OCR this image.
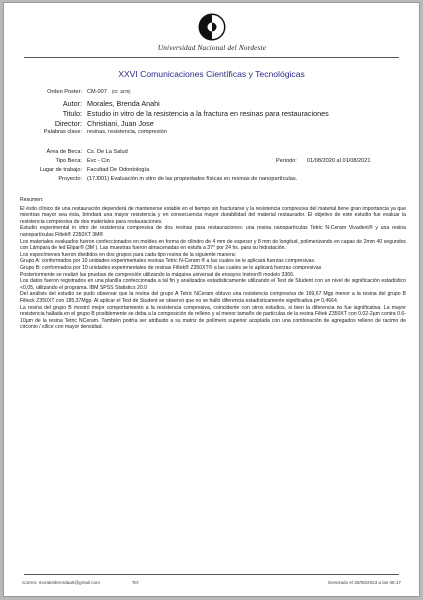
Universidad Nacional del Nordeste
XXVI Comunicaciones Científicas y Tecnológicas
Orden Poster: CM-007 (ID: 1876)
Autor: Morales, Brenda Anahi
Titulo: Estudio in vitro de la resistencia a la fractura en resinas para restauraciones
Director: Christiani, Juan Jose
Palabras clave: resinas, resistencia, compresión
Área de Beca: Cs. De La Salud
Tipo Beca: Evc - Cin	Periodo: 01/08/2020 al 01/08/2021
Lugar de trabajo: Facultad De Odontología
Proyecto: (17J001) Evaluación in vitro de las propiedades físicas en resinas de nanopartículas.

Resumen:

El éxito clínico de una restauración dependerá de mantenerse estable en el tiempo sin fracturarse y la resistencia compresiva del material tiene gran importancia ya que mientras mayor sea ésta, brindará una mayor resistencia y en consecuencia mayor durabilidad del material restaurador. El objetivo de este estudio fue evaluar la resistencia compresiva de dos materiales para restauraciones.

Estudio experimental in vitro de resistencia compresiva de dos resinas para restauraciones: una resina nanopartículas Tetric N-Ceram Vivadent® y una resina nanopartículas Filtek® Z350XT 3M®

Los materiales evaluados fueron confeccionados en moldes en forma de cilindro de 4 mm de espesor y 8 mm de longitud, polimerizando en capas de 2mm 40 segundos con Lámpara de led Elipar® (3M ). Las muestras fueron almacenadas en estufa a 37° por 24 hs. para su hidratación.

Los especímenes fueron divididos en dos grupos para cada tipo resina de la siguiente manera:

Grupo A: conformados por 10 unidades experimentales resinas Tetric N-Ceram ® a las cuales se le aplicará fuerzas compresivas.

Grupo B: conformados por 10 unidades experimentales de resinas Filtek® Z350XT® a las cuales se le aplicará fuerzas compresivas

Posteriormente se realizó las pruebas de compresión utilizando la máquina universal de ensayos Instron® modelo 3366.

Los datos fueron registrados en una planilla confeccionada a tal fin y analizados estadísticamente utilizando el Test de Student con un nivel de significación estadístico <0,05, utilizando el programa. IBM SPSS Statistics 20.0

Del análisis del estudio se pudo observar que la resina del grupo A Tetric NCeram obtuvo una resistencia compresiva de 169,67 Mgp menor a la resina del grupo B Filteck Z350XT con 185,37Mgp. Al aplicar el Test de Student se observó que no se halló diferencia estadísticamente significativa p= 0,4664.

La resina del grupo B mostró mejor comportamiento a la resistencia compresiva, coincidente con otros estudios, si bien la diferencia no fue significativa. La mayor resistencia hallada en el grupo B posiblemente se deba a la composición de relleno y al menor tamaño de partículas de la resina Filtek Z350XT con 0.02-2µm contra 0.6-10µm de la resina Tetric NCeram. También podría ser atribuido a su matriz de polímero superior acoplada con una combinación de agregados relleno de racimo de circonio / sílice con mayor densidad.

Correo: moralesbrendaa0@gmail.com	Tel:	Generado el 30/06/2023 a las 08:17
